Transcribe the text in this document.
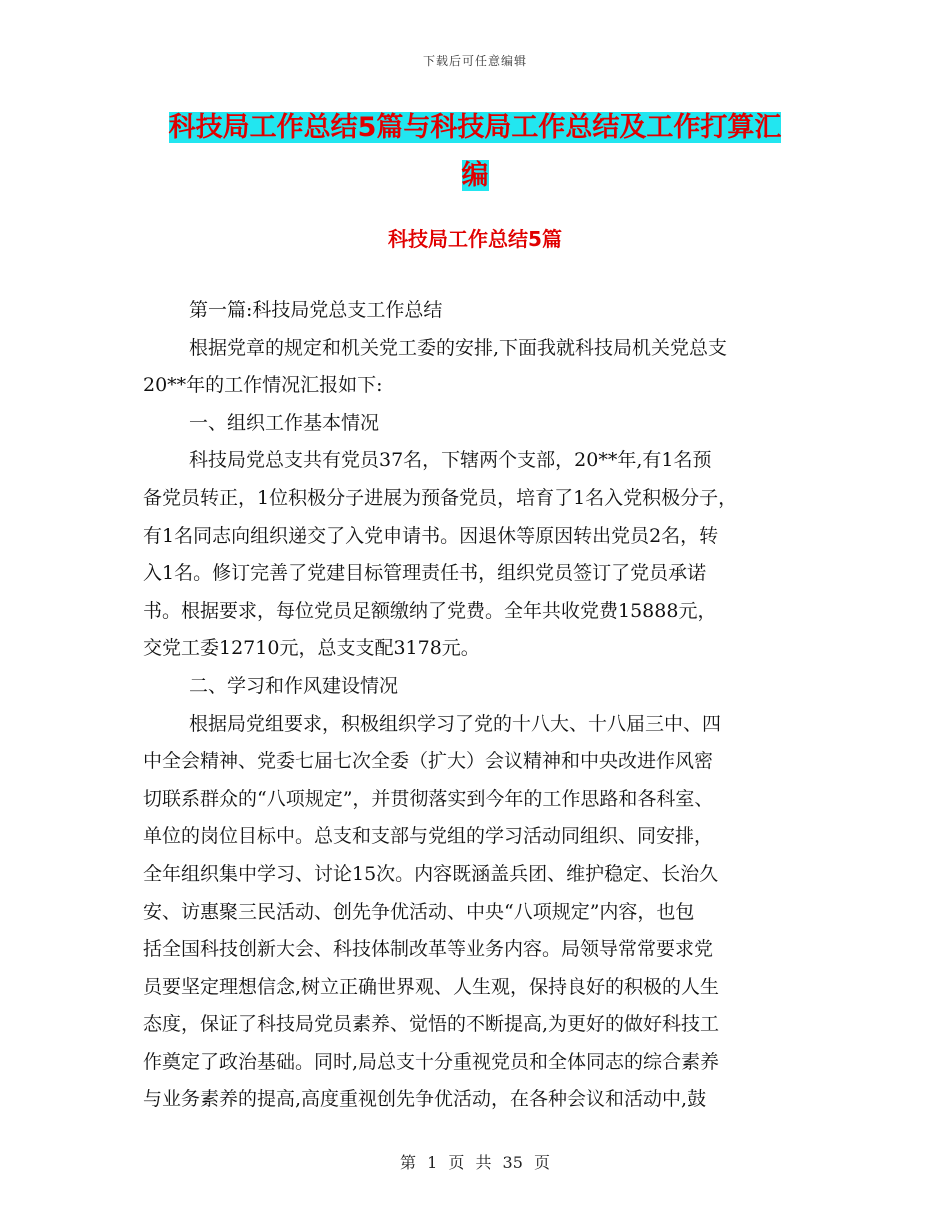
下载后可任意编辑
科技局工作总结5篇与科技局工作总结及工作打算汇
编
科技局工作总结5篇
第一篇:科技局党总支工作总结
根据党章的规定和机关党工委的安排,下面我就科技局机关党总支
20**年的工作情况汇报如下:
一、组织工作基本情况
科技局党总支共有党员37名，下辖两个支部，20**年,有1名预
备党员转正，1位积极分子进展为预备党员，培育了1名入党积极分子，
有1名同志向组织递交了入党申请书。因退休等原因转出党员2名，转
入1名。修订完善了党建目标管理责任书，组织党员签订了党员承诺
书。根据要求，每位党员足额缴纳了党费。全年共收党费15888元，
交党工委12710元，总支支配3178元。
二、学习和作风建设情况
根据局党组要求，积极组织学习了党的十八大、十八届三中、四
中全会精神、党委七届七次全委（扩大）会议精神和中央改进作风密
切联系群众的“八项规定”，并贯彻落实到今年的工作思路和各科室、
单位的岗位目标中。总支和支部与党组的学习活动同组织、同安排，
全年组织集中学习、讨论15次。内容既涵盖兵团、维护稳定、长治久
安、访惠聚三民活动、创先争优活动、中央“八项规定”内容，也包
括全国科技创新大会、科技体制改革等业务内容。局领导常常要求党
员要坚定理想信念,树立正确世界观、人生观，保持良好的积极的人生
态度，保证了科技局党员素养、觉悟的不断提高,为更好的做好科技工
作奠定了政治基础。同时,局总支十分重视党员和全体同志的综合素养
与业务素养的提高,高度重视创先争优活动，在各种会议和活动中,鼓
第 1 页 共 35 页
